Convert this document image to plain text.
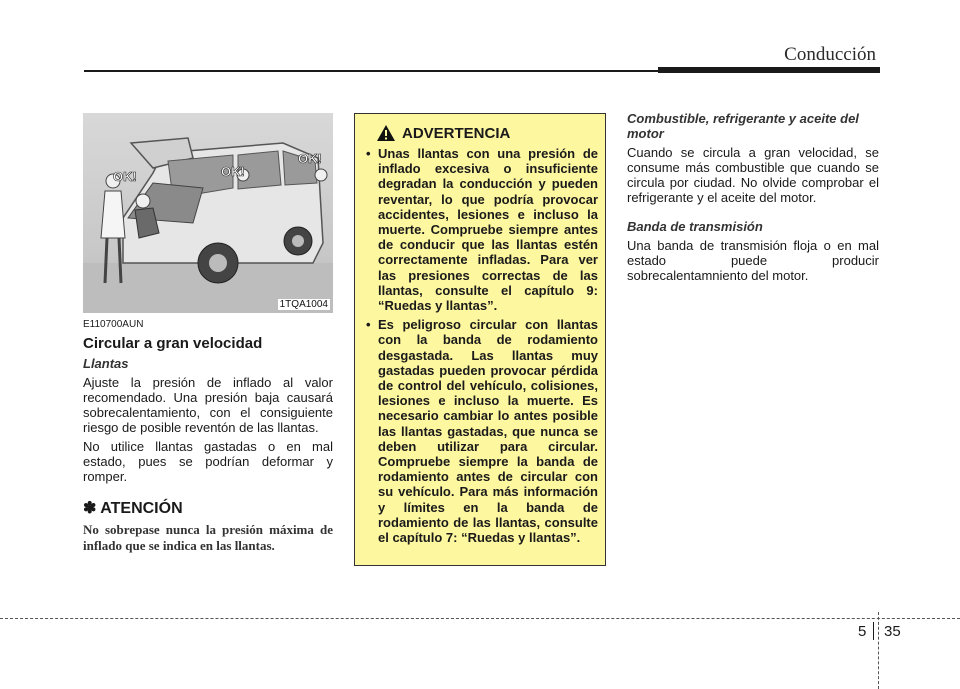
Conducción
OK!	OK!
OK!
1TQA1004
E110700AUN
Circular a gran velocidad
Llantas

Ajuste la presión de inflado al valor recomendado. Una presión baja causará sobrecalentamiento, con el consiguiente riesgo de posible reventón de las llantas.

No utilice llantas gastadas o en mal estado, pues se podrían deformar y romper.

✽ ATENCIÓN
No sobrepase nunca la presión máxima de inflado que se indica en las llantas.
ADVERTENCIA
• Unas llantas con una presión de inflado excesiva o insuficiente degradan la conducción y pueden reventar, lo que podría provocar accidentes, lesiones e incluso la muerte. Compruebe siempre antes de conducir que las llantas estén correctamente infladas. Para ver las presiones correctas de las llantas, consulte el capítulo 9: “Ruedas y llantas”.
• Es peligroso circular con llantas con la banda de rodamiento desgastada. Las llantas muy gastadas pueden provocar pérdida de control del vehículo, colisiones, lesiones e incluso la muerte. Es necesario cambiar lo antes posible las llantas gastadas, que nunca se deben utilizar para circular. Compruebe siempre la banda de rodamiento antes de circular con su vehículo. Para más información y límites en la banda de rodamiento de las llantas, consulte el capítulo 7: “Ruedas y llantas”.
Combustible, refrigerante y aceite del motor

Cuando se circula a gran velocidad, se consume más combustible que cuando se circula por ciudad. No olvide comprobar el refrigerante y el aceite del motor.

Banda de transmisión

Una banda de transmisión floja o en mal estado puede producir sobrecalentamniento del motor.

5 35
